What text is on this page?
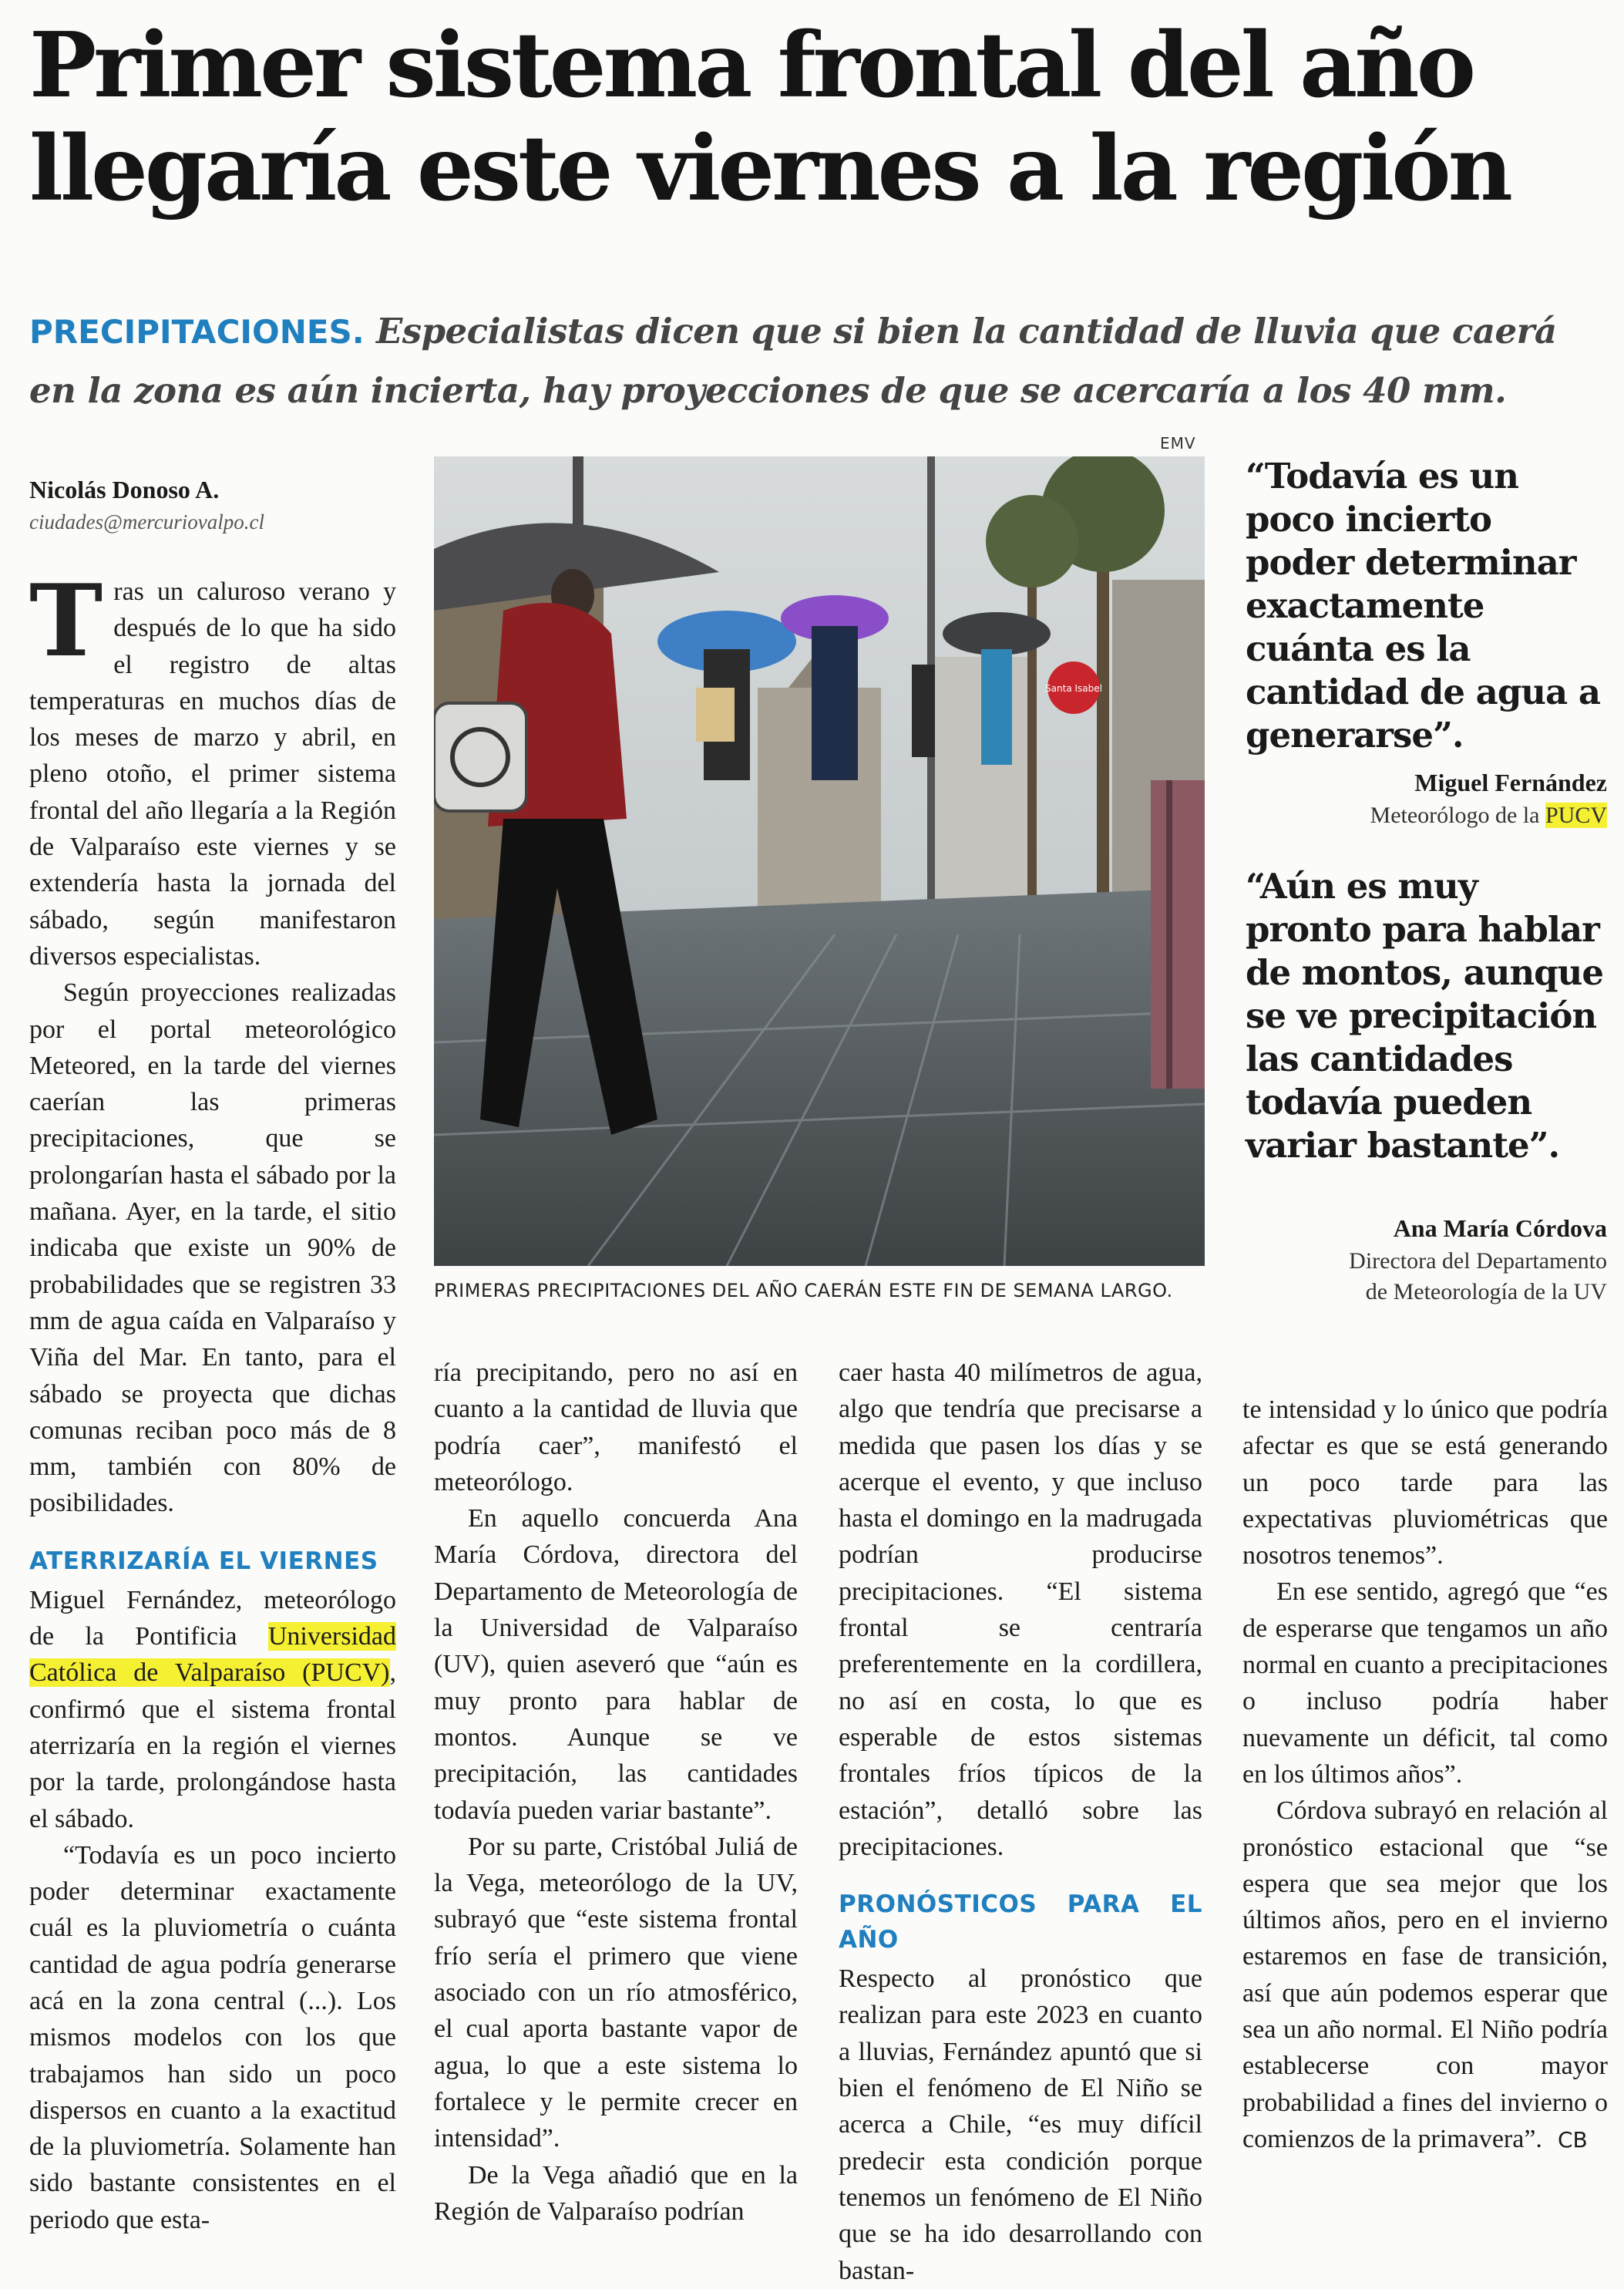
Primer sistema frontal del año
llegaría este viernes a la región
PRECIPITACIONES. Especialistas dicen que si bien la cantidad de lluvia que caerá en la zona es aún incierta, hay proyecciones de que se acercaría a los 40 mm.
Nicolás Donoso A.
ciudades@mercuriovalpo.cl

Tras un caluroso verano y después de lo que ha sido el registro de altas temperaturas en muchos días de los meses de marzo y abril, en pleno otoño, el primer sistema frontal del año llegaría a la Región de Valparaíso este viernes y se extendería hasta la jornada del sábado, según manifestaron diversos especialistas.

Según proyecciones realizadas por el portal meteorológico Meteored, en la tarde del viernes caerían las primeras precipitaciones, que se prolongarían hasta el sábado por la mañana. Ayer, en la tarde, el sitio indicaba que existe un 90% de probabilidades que se registren 33 mm de agua caída en Valparaíso y Viña del Mar. En tanto, para el sábado se proyecta que dichas comunas reciban poco más de 8 mm, también con 80% de posibilidades.

ATERRIZARÍA EL VIERNES

Miguel Fernández, meteorólogo de la Pontificia Universidad Católica de Valparaíso (PUCV), confirmó que el sistema frontal aterrizaría en la región el viernes por la tarde, prolongándose hasta el sábado.

“Todavía es un poco incierto poder determinar exactamente cuál es la pluviometría o cuánta cantidad de agua podría generarse acá en la zona central (...). Los mismos modelos con los que trabajamos han sido un poco dispersos en cuanto a la exactitud de la pluviometría. Solamente han sido bastante consistentes en el periodo que esta-

EMV
Santa Isabel
PRIMERAS PRECIPITACIONES DEL AÑO CAERÁN ESTE FIN DE SEMANA LARGO.
“Todavía es un poco incierto poder determinar exactamente cuánta es la cantidad de agua a generarse”.
Miguel Fernández
Meteorólogo de la PUCV
“Aún es muy pronto para hablar de montos, aunque se ve precipitación las cantidades todavía pueden variar bastante”.
Ana María Córdova
Directora del Departamento
de Meteorología de la UV

ría precipitando, pero no así en cuanto a la cantidad de lluvia que podría caer”, manifestó el meteorólogo.

En aquello concuerda Ana María Córdova, directora del Departamento de Meteorología de la Universidad de Valparaíso (UV), quien aseveró que “aún es muy pronto para hablar de montos. Aunque se ve precipitación, las cantidades todavía pueden variar bastante”.

Por su parte, Cristóbal Juliá de la Vega, meteorólogo de la UV, subrayó que “este sistema frontal frío sería el primero que viene asociado con un río atmosférico, el cual aporta bastante vapor de agua, lo que a este sistema lo fortalece y le permite crecer en intensidad”.

De la Vega añadió que en la Región de Valparaíso podrían

caer hasta 40 milímetros de agua, algo que tendría que precisarse a medida que pasen los días y se acerque el evento, y que incluso hasta el domingo en la madrugada podrían producirse precipitaciones. “El sistema frontal se centraría preferentemente en la cordillera, no así en costa, lo que es esperable de estos sistemas frontales fríos típicos de la estación”, detalló sobre las precipitaciones.

PRONÓSTICOS PARA EL AÑO

Respecto al pronóstico que realizan para este 2023 en cuanto a lluvias, Fernández apuntó que si bien el fenómeno de El Niño se acerca a Chile, “es muy difícil predecir esta condición porque tenemos un fenómeno de El Niño que se ha ido desarrollando con bastan-

te intensidad y lo único que podría afectar es que se está generando un poco tarde para las expectativas pluviométricas que nosotros tenemos”.

En ese sentido, agregó que “es de esperarse que tengamos un año normal en cuanto a precipitaciones o incluso podría haber nuevamente un déficit, tal como en los últimos años”.

Córdova subrayó en relación al pronóstico estacional que “se espera que sea mejor que los últimos años, pero en el invierno estaremos en fase de transición, así que aún podemos esperar que sea un año normal. El Niño podría establecerse con mayor probabilidad a fines del invierno o comienzos de la primavera”. CB
